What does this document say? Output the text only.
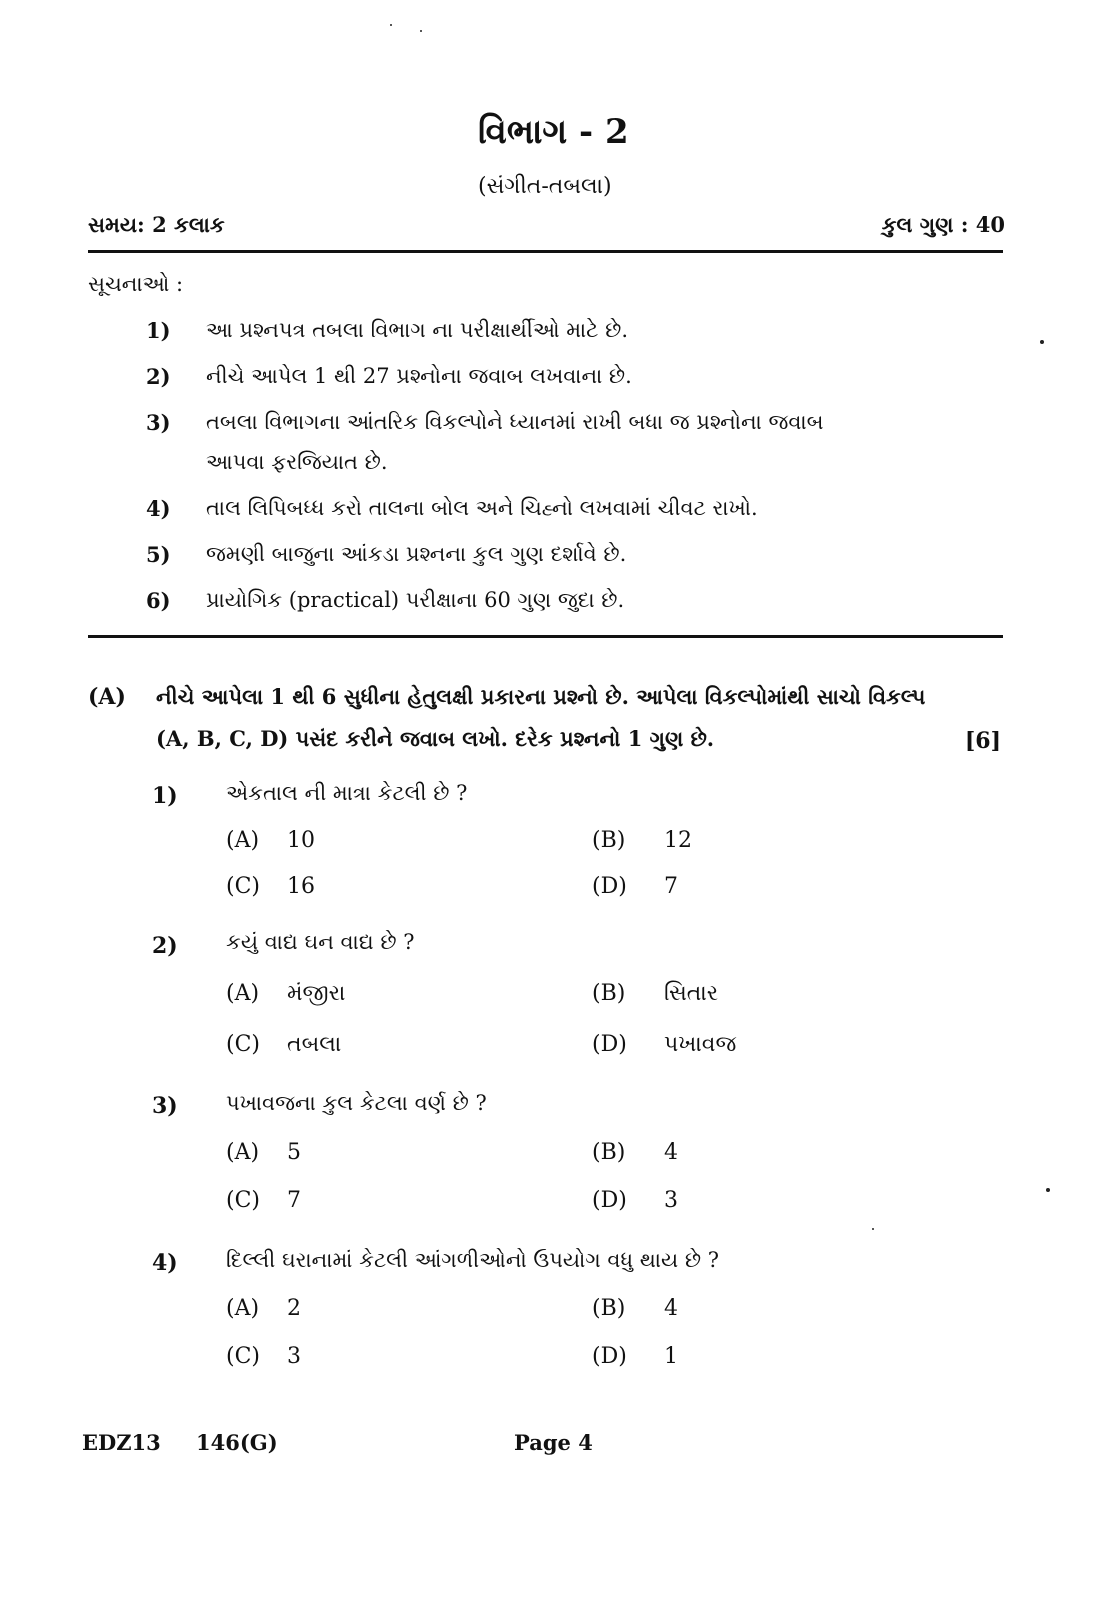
વિભાગ - 2
(સંગીત-તબલા)
સમય: 2 કલાક	કુલ ગુણ : 40
સૂચનાઓ :
1) આ પ્રશ્નપત્ર તબલા વિભાગ ના પરીક્ષાર્થીઓ માટે છે.
2) નીચે આપેલ 1 થી 27 પ્રશ્નોના જવાબ લખવાના છે.
3) તબલા વિભાગના આંતરિક વિકલ્પોને ધ્યાનમાં રાખી બધા જ પ્રશ્નોના જવાબ
આપવા ફરજિયાત છે.
4) તાલ લિપિબધ્ધ કરો તાલના બોલ અને ચિહ્નો લખવામાં ચીવટ રાખો.
5) જમણી બાજુના આંકડા પ્રશ્નના કુલ ગુણ દર્શાવે છે.
6) પ્રાયોગિક (practical) પરીક્ષાના 60 ગુણ જુદા છે.
(A) નીચે આપેલા 1 થી 6 સુધીના હેતુલક્ષી પ્રકારના પ્રશ્નો છે. આપેલા વિકલ્પોમાંથી સાચો વિકલ્પ
(A, B, C, D) પસંદ કરીને જવાબ લખો. દરેક પ્રશ્નનો 1 ગુણ છે.	[6]
1) એકતાલ ની માત્રા કેટલી છે ?
(A) 10	(B) 12
(C) 16	(D) 7
2) કયું વાદ્ય ઘન વાદ્ય છે ?
(A) મંજીરા	(B) સિતાર
(C) તબલા	(D) પખાવજ
3) પખાવજના કુલ કેટલા વર્ણ છે ?
(A) 5	(B) 4
(C) 7	(D) 3
4) દિલ્લી ઘરાનામાં કેટલી આંગળીઓનો ઉપયોગ વધુ થાય છે ?
(A) 2	(B) 4
(C) 3	(D) 1
EDZ13 146(G)	Page 4
